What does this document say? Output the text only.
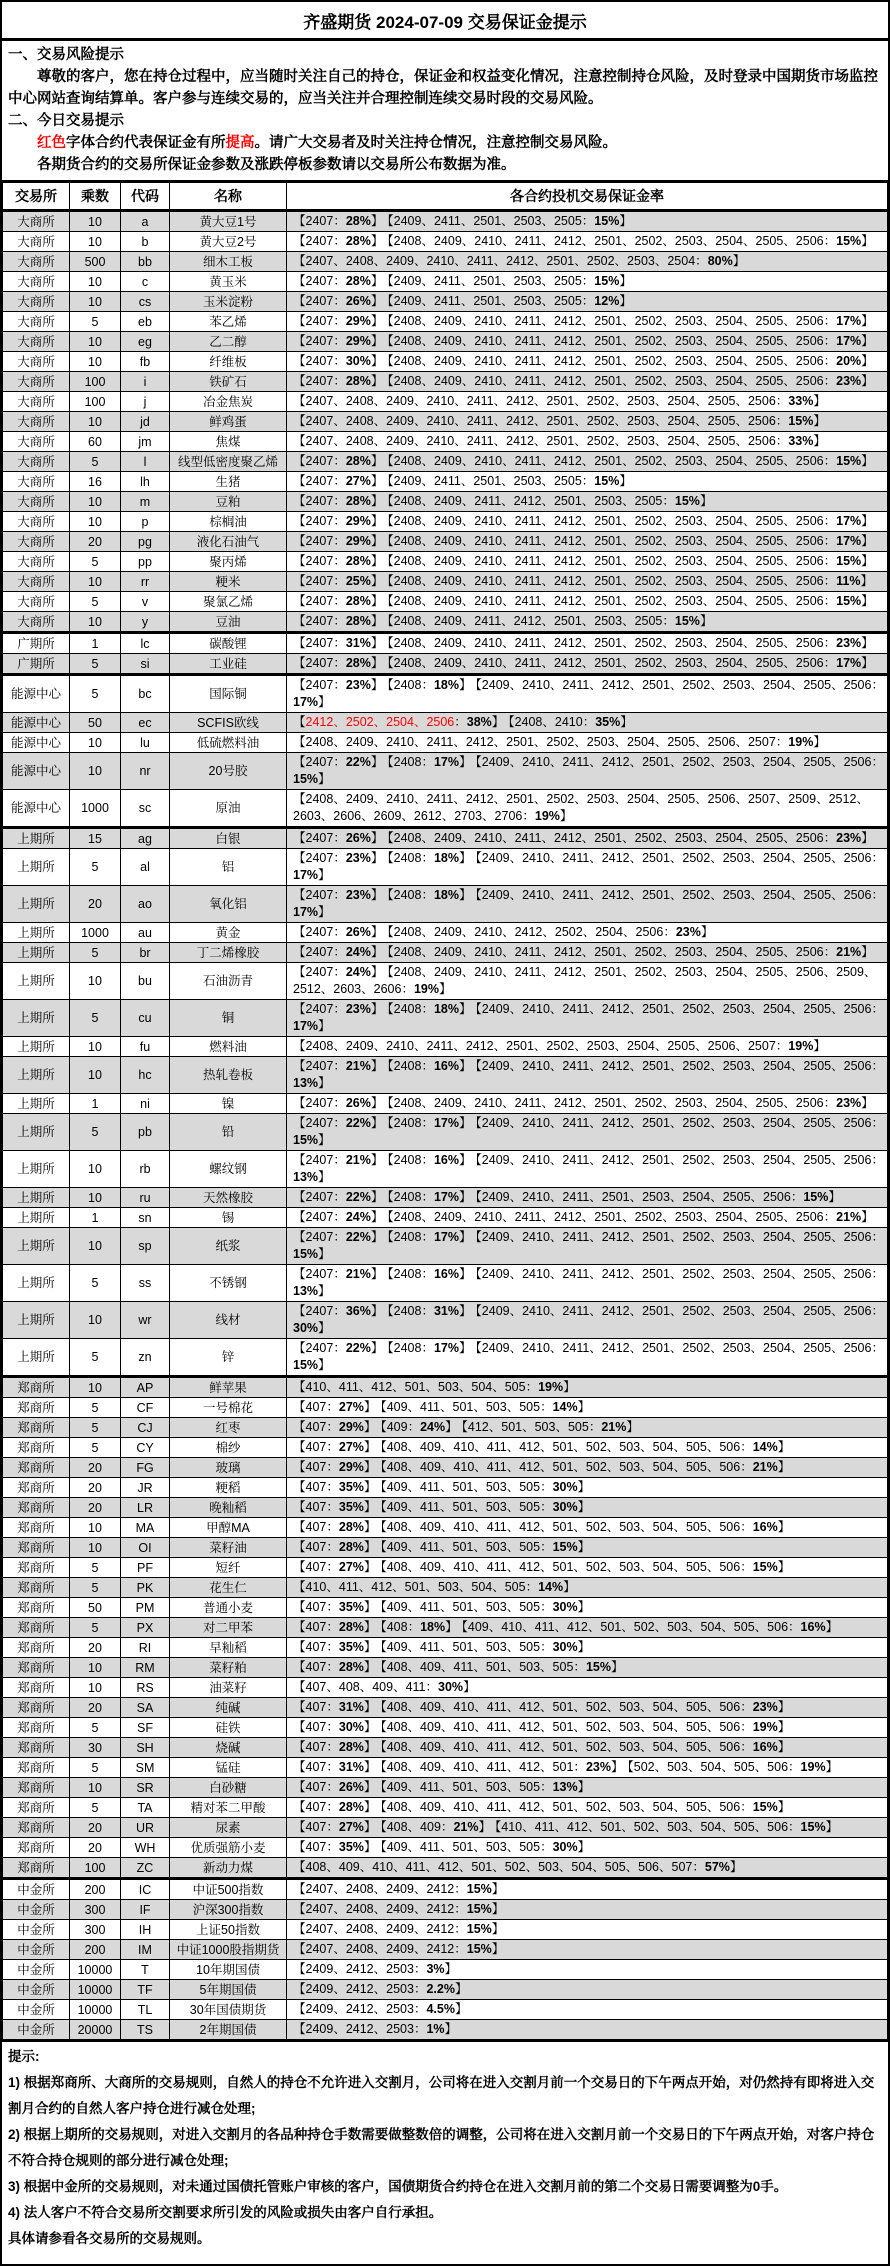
齐盛期货 2024-07-09 交易保证金提示
一、交易风险提示
尊敬的客户，您在持仓过程中，应当随时关注自己的持仓，保证金和权益变化情况，注意控制持仓风险，及时登录中国期货市场监控中心网站查询结算单。客户参与连续交易的，应当关注并合理控制连续交易时段的交易风险。
二、今日交易提示
红色字体合约代表保证金有所提高。请广大交易者及时关注持仓情况，注意控制交易风险。
各期货合约的交易所保证金参数及涨跌停板参数请以交易所公布数据为准。
交易所	乘数	代码	名称	各合约投机交易保证金率
大商所	10	a	黄大豆1号	【2407：28%】 【2409、2411、2501、2503、2505：15%】
大商所	10	b	黄大豆2号	【2407：28%】 【2408、2409、2410、2411、2412、2501、2502、2503、2504、2505、2506：15%】
大商所	500	bb	细木工板	【2407、2408、2409、2410、2411、2412、2501、2502、2503、2504：80%】
大商所	10	c	黄玉米	【2407：28%】 【2409、2411、2501、2503、2505：15%】
大商所	10	cs	玉米淀粉	【2407：26%】 【2409、2411、2501、2503、2505：12%】
大商所	5	eb	苯乙烯	【2407：29%】 【2408、2409、2410、2411、2412、2501、2502、2503、2504、2505、2506：17%】
大商所	10	eg	乙二醇	【2407：29%】 【2408、2409、2410、2411、2412、2501、2502、2503、2504、2505、2506：17%】
大商所	10	fb	纤维板	【2407：30%】 【2408、2409、2410、2411、2412、2501、2502、2503、2504、2505、2506：20%】
大商所	100	i	铁矿石	【2407：28%】 【2408、2409、2410、2411、2412、2501、2502、2503、2504、2505、2506：23%】
大商所	100	j	冶金焦炭	【2407、2408、2409、2410、2411、2412、2501、2502、2503、2504、2505、2506：33%】
大商所	10	jd	鲜鸡蛋	【2407、2408、2409、2410、2411、2412、2501、2502、2503、2504、2505、2506：15%】
大商所	60	jm	焦煤	【2407、2408、2409、2410、2411、2412、2501、2502、2503、2504、2505、2506：33%】
大商所	5	l	线型低密度聚乙烯	【2407：28%】 【2408、2409、2410、2411、2412、2501、2502、2503、2504、2505、2506：15%】
大商所	16	lh	生猪	【2407：27%】 【2409、2411、2501、2503、2505：15%】
大商所	10	m	豆粕	【2407：28%】 【2408、2409、2411、2412、2501、2503、2505：15%】
大商所	10	p	棕榈油	【2407：29%】 【2408、2409、2410、2411、2412、2501、2502、2503、2504、2505、2506：17%】
大商所	20	pg	液化石油气	【2407：29%】 【2408、2409、2410、2411、2412、2501、2502、2503、2504、2505、2506：17%】
大商所	5	pp	聚丙烯	【2407：28%】 【2408、2409、2410、2411、2412、2501、2502、2503、2504、2505、2506：15%】
大商所	10	rr	粳米	【2407：25%】 【2408、2409、2410、2411、2412、2501、2502、2503、2504、2505、2506：11%】
大商所	5	v	聚氯乙烯	【2407：28%】 【2408、2409、2410、2411、2412、2501、2502、2503、2504、2505、2506：15%】
大商所	10	y	豆油	【2407：28%】 【2408、2409、2411、2412、2501、2503、2505：15%】
广期所	1	lc	碳酸锂	【2407：31%】 【2408、2409、2410、2411、2412、2501、2502、2503、2504、2505、2506：23%】
广期所	5	si	工业硅	【2407：28%】 【2408、2409、2410、2411、2412、2501、2502、2503、2504、2505、2506：17%】
能源中心	5	bc	国际铜	【2407：23%】 【2408：18%】 【2409、2410、2411、2412、2501、2502、2503、2504、2505、2506：17%】
能源中心	50	ec	SCFIS欧线	【2412、2502、2504、2506：38%】 【2408、2410：35%】
能源中心	10	lu	低硫燃料油	【2408、2409、2410、2411、2412、2501、2502、2503、2504、2505、2506、2507：19%】
能源中心	10	nr	20号胶	【2407：22%】 【2408：17%】 【2409、2410、2411、2412、2501、2502、2503、2504、2505、2506：15%】
能源中心	1000	sc	原油	【2408、2409、2410、2411、2412、2501、2502、2503、2504、2505、2506、2507、2509、2512、2603、2606、2609、2612、2703、2706：19%】
上期所	15	ag	白银	【2407：26%】 【2408、2409、2410、2411、2412、2501、2502、2503、2504、2505、2506：23%】
上期所	5	al	铝	【2407：23%】 【2408：18%】 【2409、2410、2411、2412、2501、2502、2503、2504、2505、2506：17%】
上期所	20	ao	氧化铝	【2407：23%】 【2408：18%】 【2409、2410、2411、2412、2501、2502、2503、2504、2505、2506：17%】
上期所	1000	au	黄金	【2407：26%】 【2408、2409、2410、2412、2502、2504、2506：23%】
上期所	5	br	丁二烯橡胶	【2407：24%】 【2408、2409、2410、2411、2412、2501、2502、2503、2504、2505、2506：21%】
上期所	10	bu	石油沥青	【2407：24%】 【2408、2409、2410、2411、2412、2501、2502、2503、2504、2505、2506、2509、2512、2603、2606：19%】
上期所	5	cu	铜	【2407：23%】 【2408：18%】 【2409、2410、2411、2412、2501、2502、2503、2504、2505、2506：17%】
上期所	10	fu	燃料油	【2408、2409、2410、2411、2412、2501、2502、2503、2504、2505、2506、2507：19%】
上期所	10	hc	热轧卷板	【2407：21%】 【2408：16%】 【2409、2410、2411、2412、2501、2502、2503、2504、2505、2506：13%】
上期所	1	ni	镍	【2407：26%】 【2408、2409、2410、2411、2412、2501、2502、2503、2504、2505、2506：23%】
上期所	5	pb	铅	【2407：22%】 【2408：17%】 【2409、2410、2411、2412、2501、2502、2503、2504、2505、2506：15%】
上期所	10	rb	螺纹钢	【2407：21%】 【2408：16%】 【2409、2410、2411、2412、2501、2502、2503、2504、2505、2506：13%】
上期所	10	ru	天然橡胶	【2407：22%】 【2408：17%】 【2409、2410、2411、2501、2503、2504、2505、2506：15%】
上期所	1	sn	锡	【2407：24%】 【2408、2409、2410、2411、2412、2501、2502、2503、2504、2505、2506：21%】
上期所	10	sp	纸浆	【2407：22%】 【2408：17%】 【2409、2410、2411、2412、2501、2502、2503、2504、2505、2506：15%】
上期所	5	ss	不锈钢	【2407：21%】 【2408：16%】 【2409、2410、2411、2412、2501、2502、2503、2504、2505、2506：13%】
上期所	10	wr	线材	【2407：36%】 【2408：31%】 【2409、2410、2411、2412、2501、2502、2503、2504、2505、2506：30%】
上期所	5	zn	锌	【2407：22%】 【2408：17%】 【2409、2410、2411、2412、2501、2502、2503、2504、2505、2506：15%】
郑商所	10	AP	鲜苹果	【410、411、412、501、503、504、505：19%】
郑商所	5	CF	一号棉花	【407：27%】 【409、411、501、503、505：14%】
郑商所	5	CJ	红枣	【407：29%】 【409：24%】 【412、501、503、505：21%】
郑商所	5	CY	棉纱	【407：27%】 【408、409、410、411、412、501、502、503、504、505、506：14%】
郑商所	20	FG	玻璃	【407：29%】 【408、409、410、411、412、501、502、503、504、505、506：21%】
郑商所	20	JR	粳稻	【407：35%】 【409、411、501、503、505：30%】
郑商所	20	LR	晚籼稻	【407：35%】 【409、411、501、503、505：30%】
郑商所	10	MA	甲醇MA	【407：28%】 【408、409、410、411、412、501、502、503、504、505、506：16%】
郑商所	10	OI	菜籽油	【407：28%】 【409、411、501、503、505：15%】
郑商所	5	PF	短纤	【407：27%】 【408、409、410、411、412、501、502、503、504、505、506：15%】
郑商所	5	PK	花生仁	【410、411、412、501、503、504、505：14%】
郑商所	50	PM	普通小麦	【407：35%】 【409、411、501、503、505：30%】
郑商所	5	PX	对二甲苯	【407：28%】 【408：18%】 【409、410、411、412、501、502、503、504、505、506：16%】
郑商所	20	RI	早籼稻	【407：35%】 【409、411、501、503、505：30%】
郑商所	10	RM	菜籽粕	【407：28%】 【408、409、411、501、503、505：15%】
郑商所	10	RS	油菜籽	【407、408、409、411：30%】
郑商所	20	SA	纯碱	【407：31%】 【408、409、410、411、412、501、502、503、504、505、506：23%】
郑商所	5	SF	硅铁	【407：30%】 【408、409、410、411、412、501、502、503、504、505、506：19%】
郑商所	30	SH	烧碱	【407：28%】 【408、409、410、411、412、501、502、503、504、505、506：16%】
郑商所	5	SM	锰硅	【407：31%】 【408、409、410、411、412、501：23%】 【502、503、504、505、506：19%】
郑商所	10	SR	白砂糖	【407：26%】 【409、411、501、503、505：13%】
郑商所	5	TA	精对苯二甲酸	【407：28%】 【408、409、410、411、412、501、502、503、504、505、506：15%】
郑商所	20	UR	尿素	【407：27%】 【408、409：21%】 【410、411、412、501、502、503、504、505、506：15%】
郑商所	20	WH	优质强筋小麦	【407：35%】 【409、411、501、503、505：30%】
郑商所	100	ZC	新动力煤	【408、409、410、411、412、501、502、503、504、505、506、507：57%】
中金所	200	IC	中证500指数	【2407、2408、2409、2412：15%】
中金所	300	IF	沪深300指数	【2407、2408、2409、2412：15%】
中金所	300	IH	上证50指数	【2407、2408、2409、2412：15%】
中金所	200	IM	中证1000股指期货	【2407、2408、2409、2412：15%】
中金所	10000	T	10年期国债	【2409、2412、2503：3%】
中金所	10000	TF	5年期国债	【2409、2412、2503：2.2%】
中金所	10000	TL	30年国债期货	【2409、2412、2503：4.5%】
中金所	20000	TS	2年期国债	【2409、2412、2503：1%】
提示:
1) 根据郑商所、大商所的交易规则，自然人的持仓不允许进入交割月，公司将在进入交割月前一个交易日的下午两点开始，对仍然持有即将进入交割月合约的自然人客户持仓进行减仓处理;
2) 根据上期所的交易规则，对进入交割月的各品种持仓手数需要做整数倍的调整，公司将在进入交割月前一个交易日的下午两点开始，对客户持仓不符合持仓规则的部分进行减仓处理;
3) 根据中金所的交易规则，对未通过国债托管账户审核的客户，国债期货合约持仓在进入交割月前的第二个交易日需要调整为0手。
4) 法人客户不符合交易所交割要求所引发的风险或损失由客户自行承担。
具体请参看各交易所的交易规则。
